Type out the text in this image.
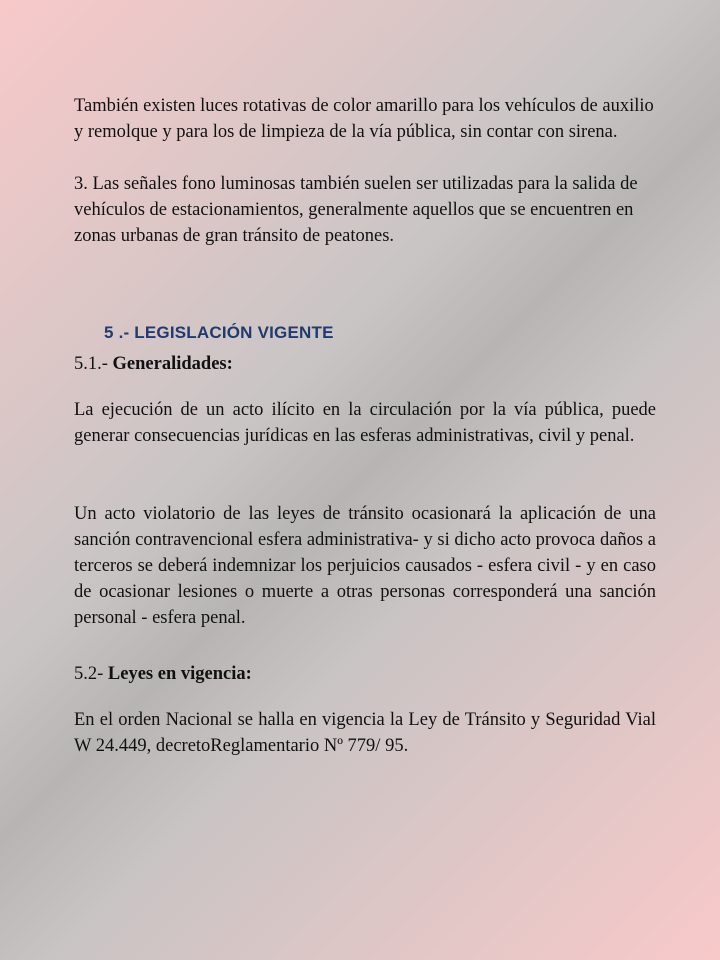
También existen luces rotativas de color amarillo para los vehículos de auxilio y remolque y para los de limpieza de la vía pública, sin contar con sirena.

3. Las señales fono luminosas también suelen ser utilizadas para la salida de vehículos de estacionamientos, generalmente aquellos que se encuentren en zonas urbanas de gran tránsito de peatones.

5 .- LEGISLACIÓN VIGENTE

5.1.- Generalidades:

La ejecución de un acto ilícito en la circulación por la vía pública, puede generar consecuencias jurídicas en las esferas administrativas, civil y penal.

Un acto violatorio de las leyes de tránsito ocasionará la aplicación de una sanción contravencional esfera administrativa- y si dicho acto provoca daños a terceros se deberá indemnizar los perjuicios causados - esfera civil - y en caso de ocasionar lesiones o muerte a otras personas corresponderá una sanción personal - esfera penal.

5.2- Leyes en vigencia:

En el orden Nacional se halla en vigencia la Ley de Tránsito y Seguridad Vial W 24.449, decretoReglamentario Nº 779/ 95.
